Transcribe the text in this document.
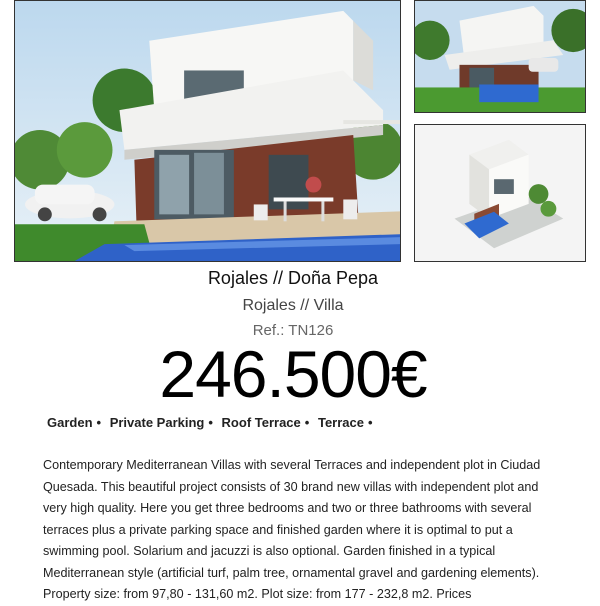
Rojales // Doña Pepa
Rojales // Villa
Ref.: TN126
246.500€
Garden • Private Parking • Roof Terrace • Terrace •
Contemporary Mediterranean Villas with several Terraces and independent plot in Ciudad Quesada. This beautiful project consists of 30 brand new villas with independent plot and very high quality. Here you get three bedrooms and two or three bathrooms with several terraces plus a private parking space and finished garden where it is optimal to put a swimming pool. Solarium and jacuzzi is also optional. Garden finished in a typical Mediterranean style (artificial turf, palm tree, ornamental gravel and gardening elements). Property size: from 97,80 - 131,60 m2. Plot size: from 177 - 232,8 m2. Prices
